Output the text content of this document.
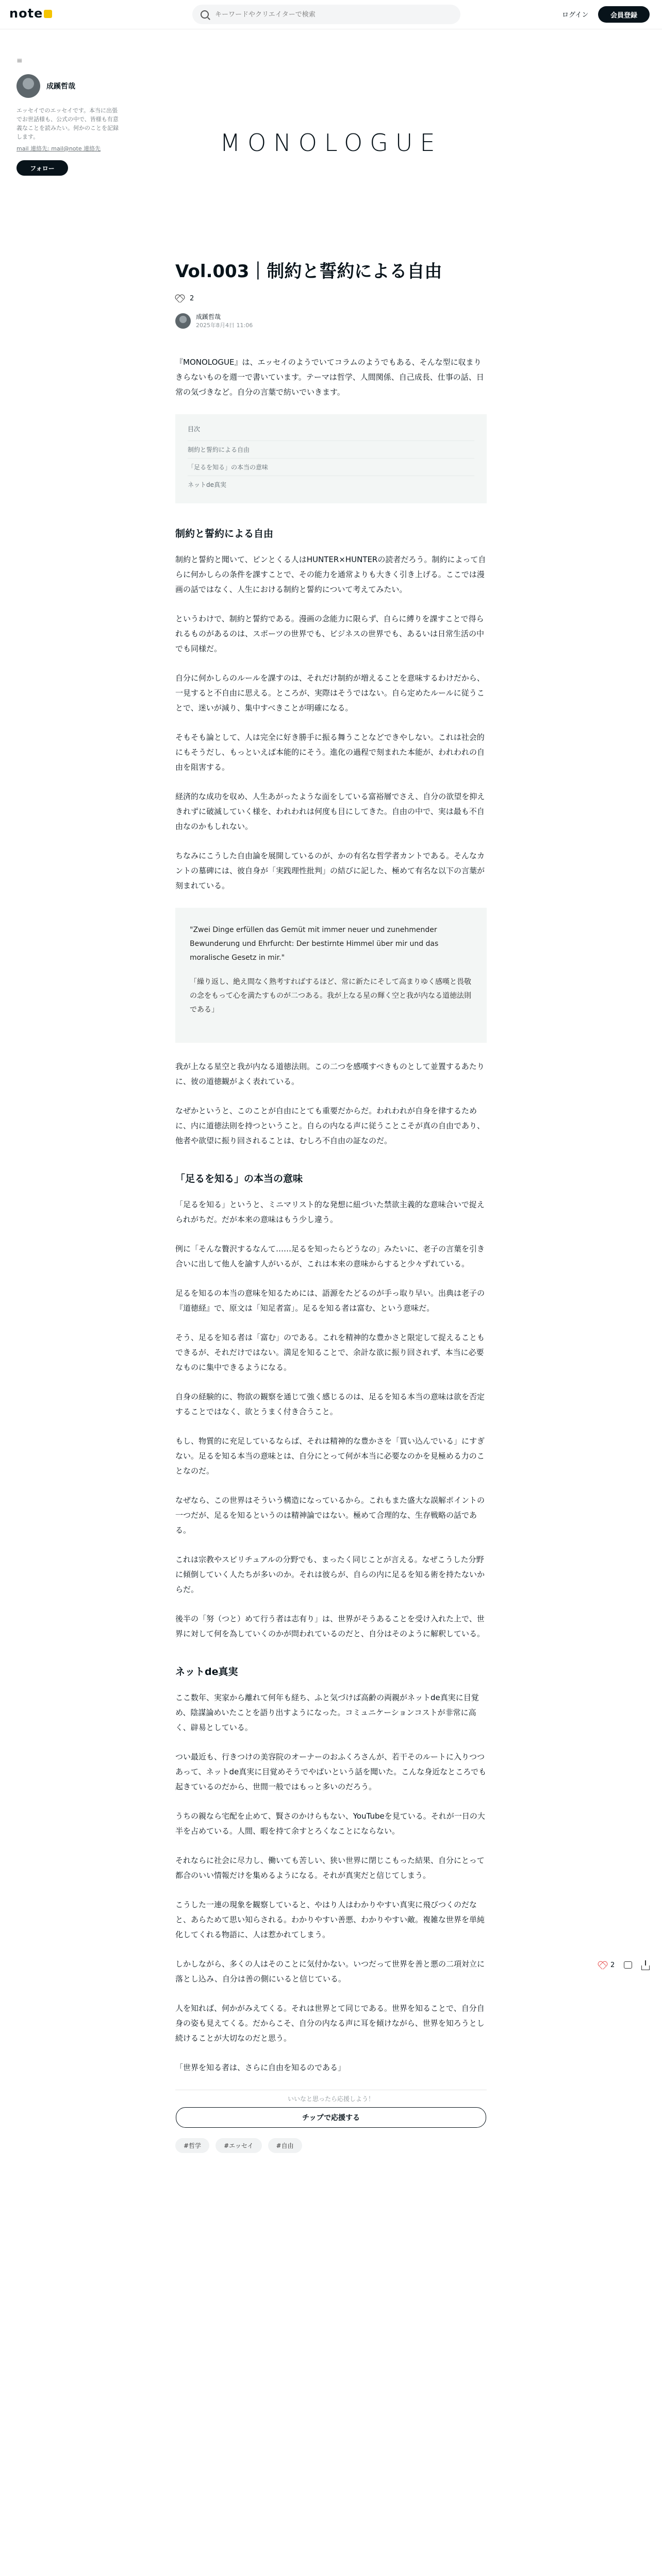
note
キーワードやクリエイターで検索	ログイン	会員登録
≡
成蹊哲哉
エッセイでのエッセイです。本当に出張でお世話様も、公式の中で、皆様も有意義なことを読みたい。何かのことを記録します。
mail 連絡先: mail@note 連絡先
フォロー
MONOLOGUE
Vol.003｜制約と誓約による自由
2
成蹊哲哉
2025年8月4日 11:06

『MONOLOGUE』は、エッセイのようでいてコラムのようでもある、そんな型に収まりきらないものを週一で書いています。テーマは哲学、人間関係、自己成長、仕事の話、日常の気づきなど。自分の言葉で紡いでいきます。

目次
制約と誓約による自由
「足るを知る」の本当の意味
ネットde真実
制約と誓約による自由

制約と誓約と聞いて、ピンとくる人はHUNTER×HUNTERの読者だろう。制約によって自らに何かしらの条件を課すことで、その能力を通常よりも大きく引き上げる。ここでは漫画の話ではなく、人生における制約と誓約について考えてみたい。

というわけで、制約と誓約である。漫画の念能力に限らず、自らに縛りを課すことで得られるものがあるのは、スポーツの世界でも、ビジネスの世界でも、あるいは日常生活の中でも同様だ。

自分に何かしらのルールを課すのは、それだけ制約が増えることを意味するわけだから、一見すると不自由に思える。ところが、実際はそうではない。自ら定めたルールに従うことで、迷いが減り、集中すべきことが明確になる。

そもそも論として、人は完全に好き勝手に振る舞うことなどできやしない。これは社会的にもそうだし、もっといえば本能的にそう。進化の過程で刻まれた本能が、われわれの自由を阻害する。

経済的な成功を収め、人生あがったような面をしている富裕層でさえ、自分の欲望を抑えきれずに破滅していく様を、われわれは何度も目にしてきた。自由の中で、実は最も不自由なのかもしれない。

ちなみにこうした自由論を展開しているのが、かの有名な哲学者カントである。そんなカントの墓碑には、彼自身が「実践理性批判」の結びに記した、極めて有名な以下の言葉が刻まれている。

"Zwei Dinge erfüllen das Gemüt mit immer neuer und zunehmender Bewunderung und Ehrfurcht: Der bestirnte Himmel über mir und das moralische Gesetz in mir."

「繰り返し、絶え間なく熟考すればするほど、常に新たにそして高まりゆく感嘆と畏敬の念をもって心を満たすものが二つある。我が上なる星の輝く空と我が内なる道徳法則である」

我が上なる星空と我が内なる道徳法則。この二つを感嘆すべきものとして並置するあたりに、彼の道徳観がよく表れている。

なぜかというと、このことが自由にとても重要だからだ。われわれが自身を律するために、内に道徳法則を持つということ。自らの内なる声に従うことこそが真の自由であり、他者や欲望に振り回されることは、むしろ不自由の証なのだ。

「足るを知る」の本当の意味

「足るを知る」というと、ミニマリスト的な発想に紐づいた禁欲主義的な意味合いで捉えられがちだ。だが本来の意味はもう少し違う。

例に「そんな贅沢するなんて……足るを知ったらどうなの」みたいに、老子の言葉を引き合いに出して他人を諭す人がいるが、これは本来の意味からすると少々ずれている。

足るを知るの本当の意味を知るためには、語源をたどるのが手っ取り早い。出典は老子の『道徳経』で、原文は「知足者富」。足るを知る者は富む、という意味だ。

そう、足るを知る者は「富む」のである。これを精神的な豊かさと限定して捉えることもできるが、それだけではない。満足を知ることで、余計な欲に振り回されず、本当に必要なものに集中できるようになる。

自身の経験的に、物欲の観察を通じて強く感じるのは、足るを知る本当の意味は欲を否定することではなく、欲とうまく付き合うこと。

もし、物質的に充足しているならば、それは精神的な豊かさを「買い込んでいる」にすぎない。足るを知る本当の意味とは、自分にとって何が本当に必要なのかを見極める力のことなのだ。

なぜなら、この世界はそういう構造になっているから。これもまた盛大な誤解ポイントの一つだが、足るを知るというのは精神論ではない。極めて合理的な、生存戦略の話である。

これは宗教やスピリチュアルの分野でも、まったく同じことが言える。なぜこうした分野に傾倒していく人たちが多いのか。それは彼らが、自らの内に足るを知る術を持たないからだ。

後半の「努（つと）めて行う者は志有り」は、世界がそうあることを受け入れた上で、世界に対して何を為していくのかが問われているのだと、自分はそのように解釈している。

ネットde真実

ここ数年、実家から離れて何年も経ち、ふと気づけば高齢の両親がネットde真実に目覚め、陰謀論めいたことを語り出すようになった。コミュニケーションコストが非常に高く、辟易としている。

つい最近も、行きつけの美容院のオーナーのおふくろさんが、若干そのルートに入りつつあって、ネットde真実に目覚めそうでやばいという話を聞いた。こんな身近なところでも起きているのだから、世間一般ではもっと多いのだろう。

うちの親なら宅配を止めて、賢さのかけらもない、YouTubeを見ている。それが一日の大半を占めている。人間、暇を持て余すとろくなことにならない。

それならに社会に尽力し、働いても苦しい、狭い世界に閉じこもった結果、自分にとって都合のいい情報だけを集めるようになる。それが真実だと信じてしまう。

こうした一連の現象を観察していると、やはり人はわかりやすい真実に飛びつくのだなと、あらためて思い知らされる。わかりやすい善悪、わかりやすい敵。複雑な世界を単純化してくれる物語に、人は惹かれてしまう。

しかしながら、多くの人はそのことに気付かない。いつだって世界を善と悪の二項対立に落とし込み、自分は善の側にいると信じている。

人を知れば、何かがみえてくる。それは世界とて同じである。世界を知ることで、自分自身の姿も見えてくる。だからこそ、自分の内なる声に耳を傾けながら、世界を知ろうとし続けることが大切なのだと思う。

「世界を知る者は、さらに自由を知るのである」

いいなと思ったら応援しよう！
チップで応援する
#哲学	#エッセイ	#自由
2
